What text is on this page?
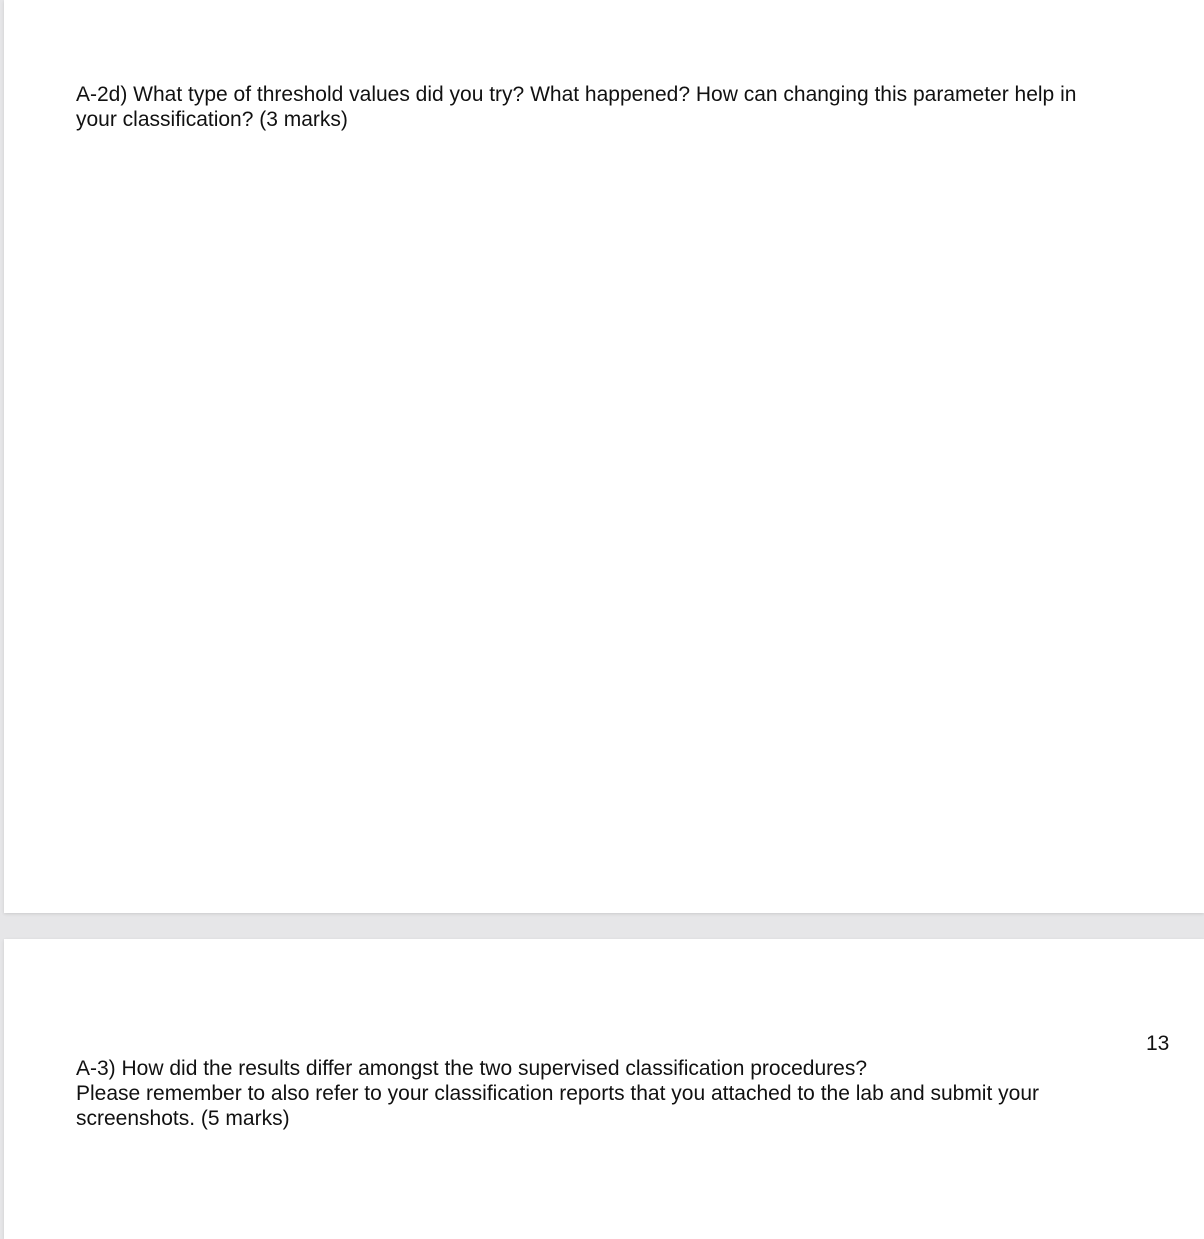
A-2d) What type of threshold values did you try? What happened? How can changing this parameter help in
your classification? (3 marks)

13

A-3) How did the results differ amongst the two supervised classification procedures?
Please remember to also refer to your classification reports that you attached to the lab and submit your
screenshots. (5 marks)
